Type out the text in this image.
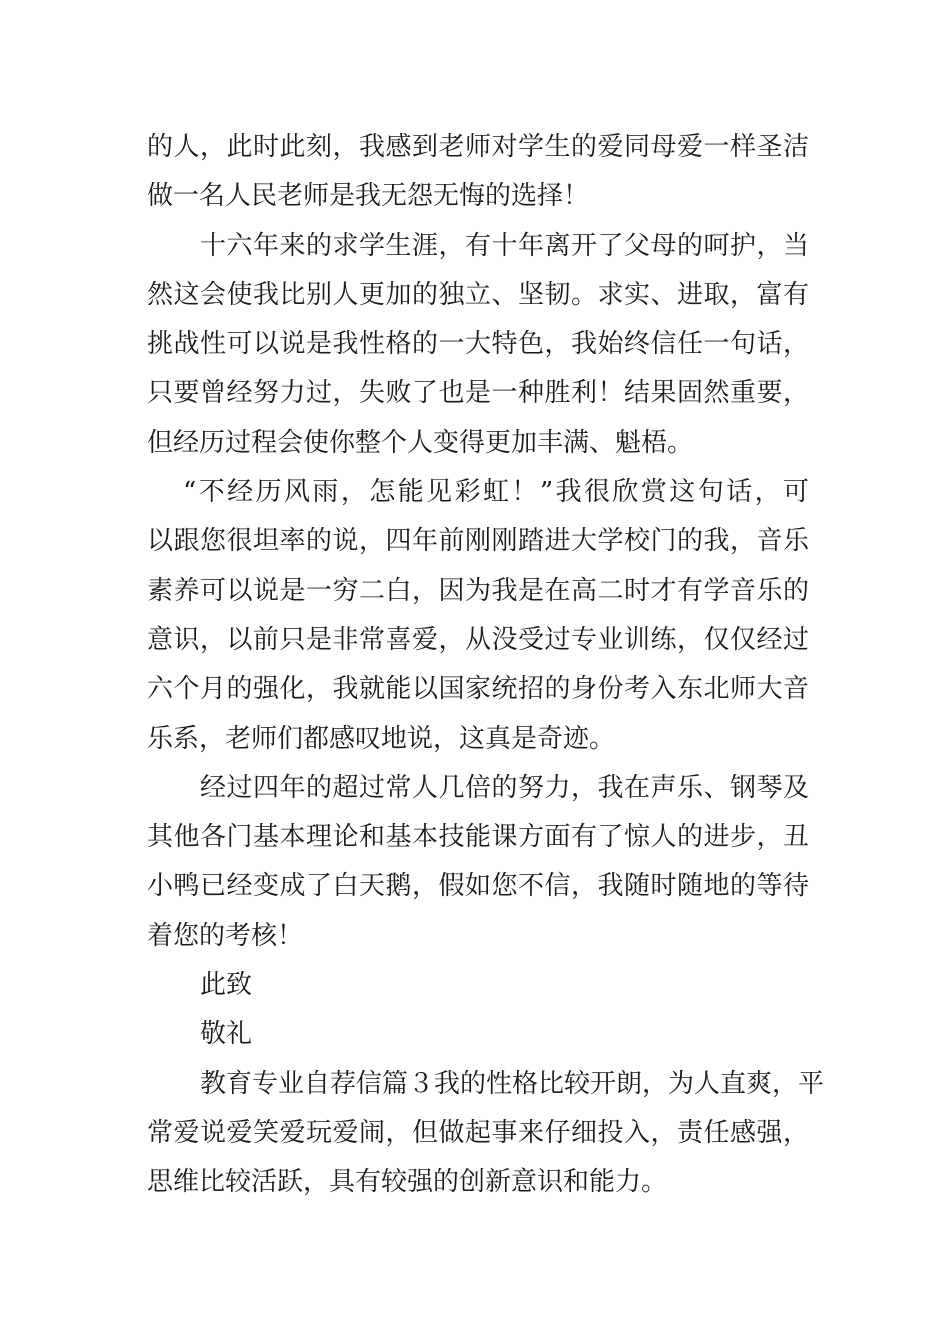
的人，此时此刻，我感到老师对学生的爱同母爱一样圣洁
做一名人民老师是我无怨无悔的选择！
十六年来的求学生涯，有十年离开了父母的呵护，当
然这会使我比别人更加的独立、坚韧。求实、进取，富有
挑战性可以说是我性格的一大特色，我始终信任一句话，
只要曾经努力过，失败了也是一种胜利！结果固然重要，
但经历过程会使你整个人变得更加丰满、魁梧。
“不经历风雨，怎能见彩虹！”我很欣赏这句话，可
以跟您很坦率的说，四年前刚刚踏进大学校门的我，音乐
素养可以说是一穷二白，因为我是在高二时才有学音乐的
意识，以前只是非常喜爱，从没受过专业训练，仅仅经过
六个月的强化，我就能以国家统招的身份考入东北师大音
乐系，老师们都感叹地说，这真是奇迹。
经过四年的超过常人几倍的努力，我在声乐、钢琴及
其他各门基本理论和基本技能课方面有了惊人的进步，丑
小鸭已经变成了白天鹅，假如您不信，我随时随地的等待
着您的考核！
此致
敬礼
教育专业自荐信篇３我的性格比较开朗，为人直爽，平
常爱说爱笑爱玩爱闹，但做起事来仔细投入，责任感强，
思维比较活跃，具有较强的创新意识和能力。
